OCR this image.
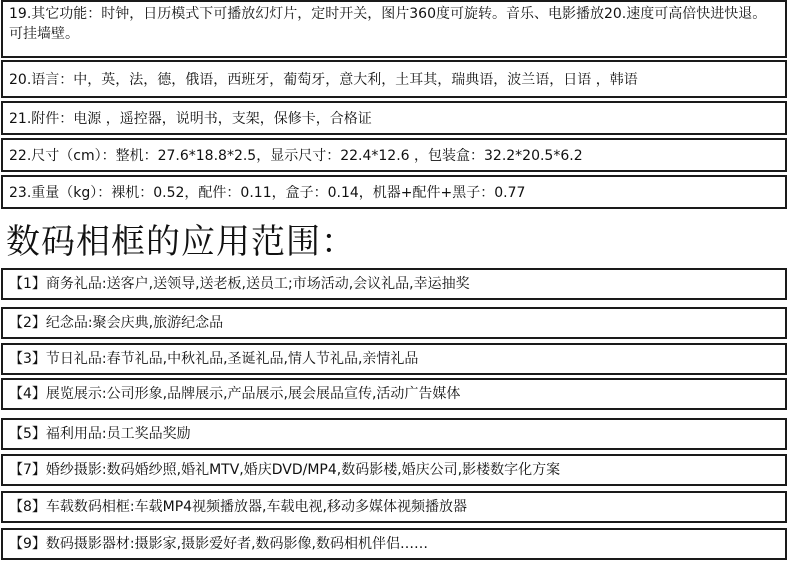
19.其它功能：时钟，日历模式下可播放幻灯片，定时开关，图片360度可旋转。音乐、电影播放20.速度可高倍快进快退。可挂墙壁。
20.语言：中，英，法，德，俄语，西班牙，葡萄牙，意大利，土耳其，瑞典语，波兰语，日语 ，韩语
21.附件：电源 ，遥控器，说明书，支架，保修卡，合格证
22.尺寸（cm）：整机：27.6*18.8*2.5，显示尺寸：22.4*12.6 ，包装盒：32.2*20.5*6.2
23.重量（kg）：裸机：0.52，配件：0.11，盒子：0.14，机器+配件+黑子：0.77
数码相框的应用范围：
【1】商务礼品:送客户,送领导,送老板,送员工;市场活动,会议礼品,幸运抽奖
【2】纪念品:聚会庆典,旅游纪念品
【3】节日礼品:春节礼品,中秋礼品,圣诞礼品,情人节礼品,亲情礼品
【4】展览展示:公司形象,品牌展示,产品展示,展会展品宣传,活动广告媒体
【5】福利用品:员工奖品奖励
【7】婚纱摄影:数码婚纱照,婚礼MTV,婚庆DVD/MP4,数码影楼,婚庆公司,影楼数字化方案
【8】车载数码相框:车载MP4视频播放器,车载电视,移动多媒体视频播放器
【9】数码摄影器材:摄影家,摄影爱好者,数码影像,数码相机伴侣……
